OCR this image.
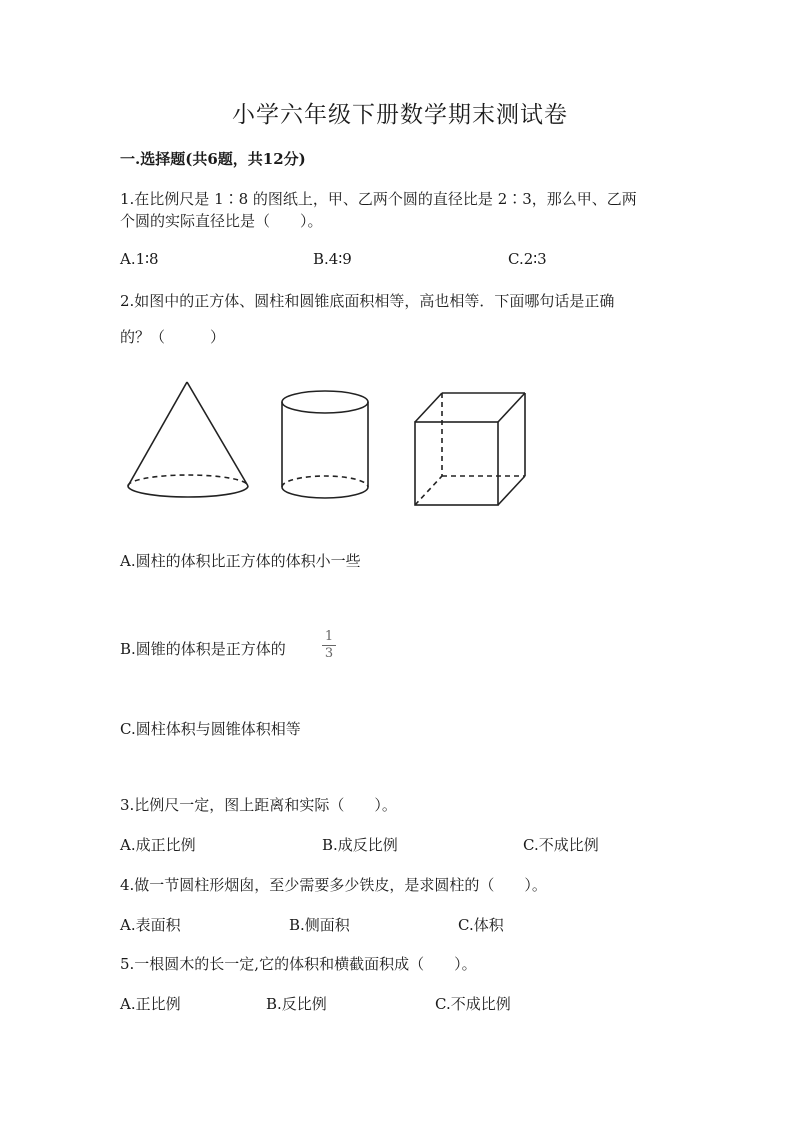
小学六年级下册数学期末测试卷
一.选择题(共6题，共12分)
1.在比例尺是 1∶8 的图纸上，甲、乙两个圆的直径比是 2∶3，那么甲、乙两
个圆的实际直径比是（　　）。
A.1∶8	B.4∶9	C.2∶3
2.如图中的正方体、圆柱和圆锥底面积相等，高也相等．下面哪句话是正确
的？（　　　）
A.圆柱的体积比正方体的体积小一些
B.圆锥的体积是正方体的
1
3
C.圆柱体积与圆锥体积相等
3.比例尺一定，图上距离和实际（　　）。
A.成正比例	B.成反比例	C.不成比例
4.做一节圆柱形烟囱，至少需要多少铁皮，是求圆柱的（　　）。
A.表面积	B.侧面积	C.体积
5.一根圆木的长一定,它的体积和横截面积成（　　）。
A.正比例	B.反比例	C.不成比例
